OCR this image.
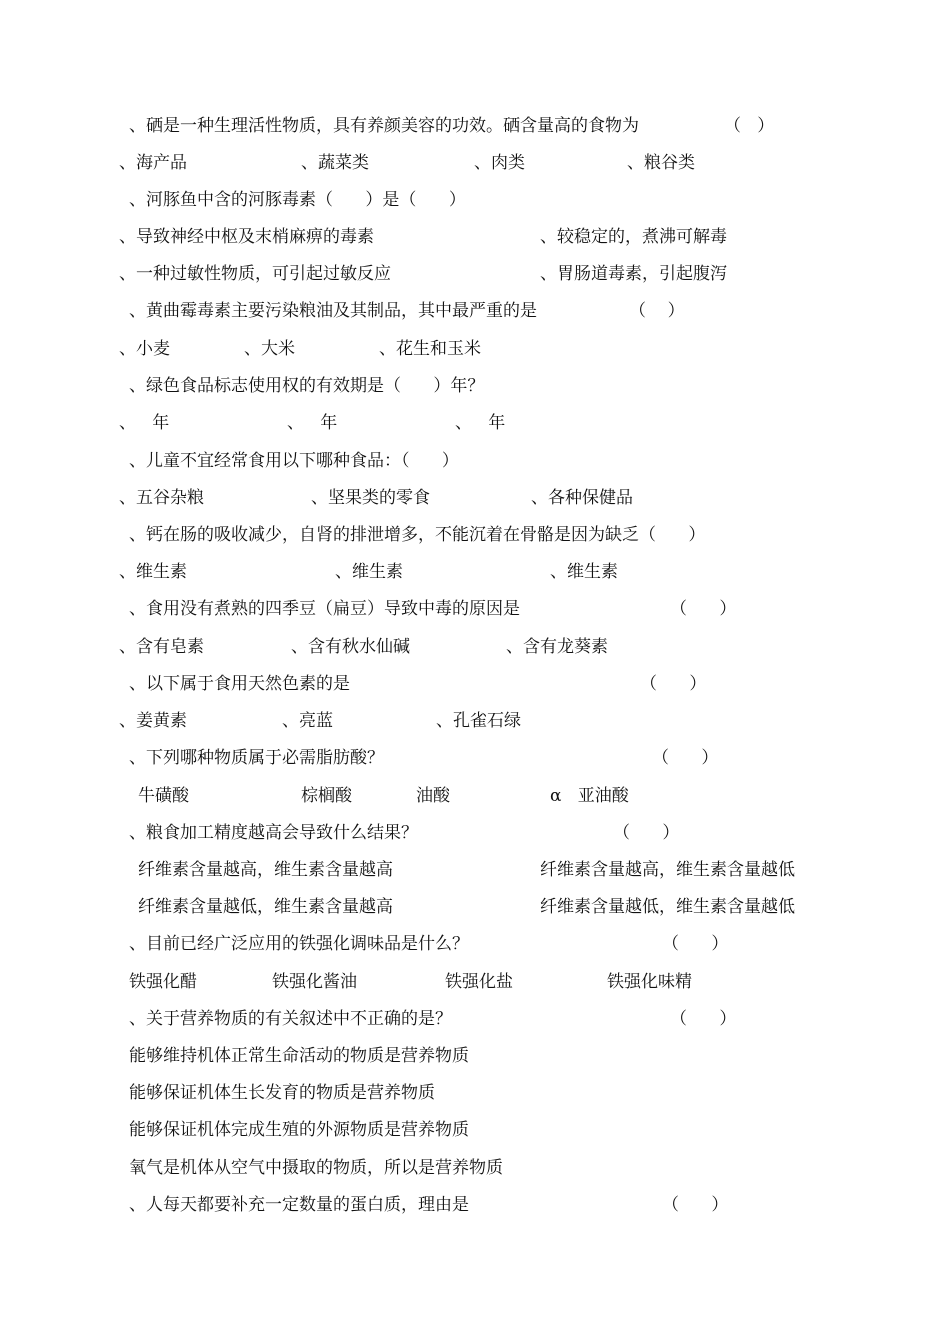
、硒是一种生理活性物质，具有养颜美容的功效。硒含量高的食物为	（   ）
、海产品	、蔬菜类	、肉类	、粮谷类
、河豚鱼中含的河豚毒素（      ）是（      ）
、导致神经中枢及末梢麻痹的毒素	、较稳定的，煮沸可解毒
、一种过敏性物质，可引起过敏反应	、胃肠道毒素，引起腹泻
、黄曲霉毒素主要污染粮油及其制品，其中最严重的是	（    ）
、小麦	、大米	、花生和玉米
、绿色食品标志使用权的有效期是（      ）年？
、   年	、   年	、   年
、儿童不宜经常食用以下哪种食品：（      ）
、五谷杂粮	、坚果类的零食	、各种保健品
、钙在肠的吸收减少，自肾的排泄增多，不能沉着在骨骼是因为缺乏（      ）
、维生素	、维生素	、维生素
、食用没有煮熟的四季豆（扁豆）导致中毒的原因是	（      ）
、含有皂素	、含有秋水仙碱	、含有龙葵素
、以下属于食用天然色素的是	（      ）
、姜黄素	、亮蓝	、孔雀石绿
、下列哪种物质属于必需脂肪酸？	（      ）
牛磺酸	棕榈酸	油酸	α   亚油酸
、粮食加工精度越高会导致什么结果？	（      ）
纤维素含量越高，维生素含量越高	纤维素含量越高，维生素含量越低
纤维素含量越低，维生素含量越高	纤维素含量越低，维生素含量越低
、目前已经广泛应用的铁强化调味品是什么？	（      ）
铁强化醋	铁强化酱油	铁强化盐	铁强化味精
、关于营养物质的有关叙述中不正确的是？	（      ）
能够维持机体正常生命活动的物质是营养物质
能够保证机体生长发育的物质是营养物质
能够保证机体完成生殖的外源物质是营养物质
氧气是机体从空气中摄取的物质，所以是营养物质
、人每天都要补充一定数量的蛋白质，理由是	（      ）
